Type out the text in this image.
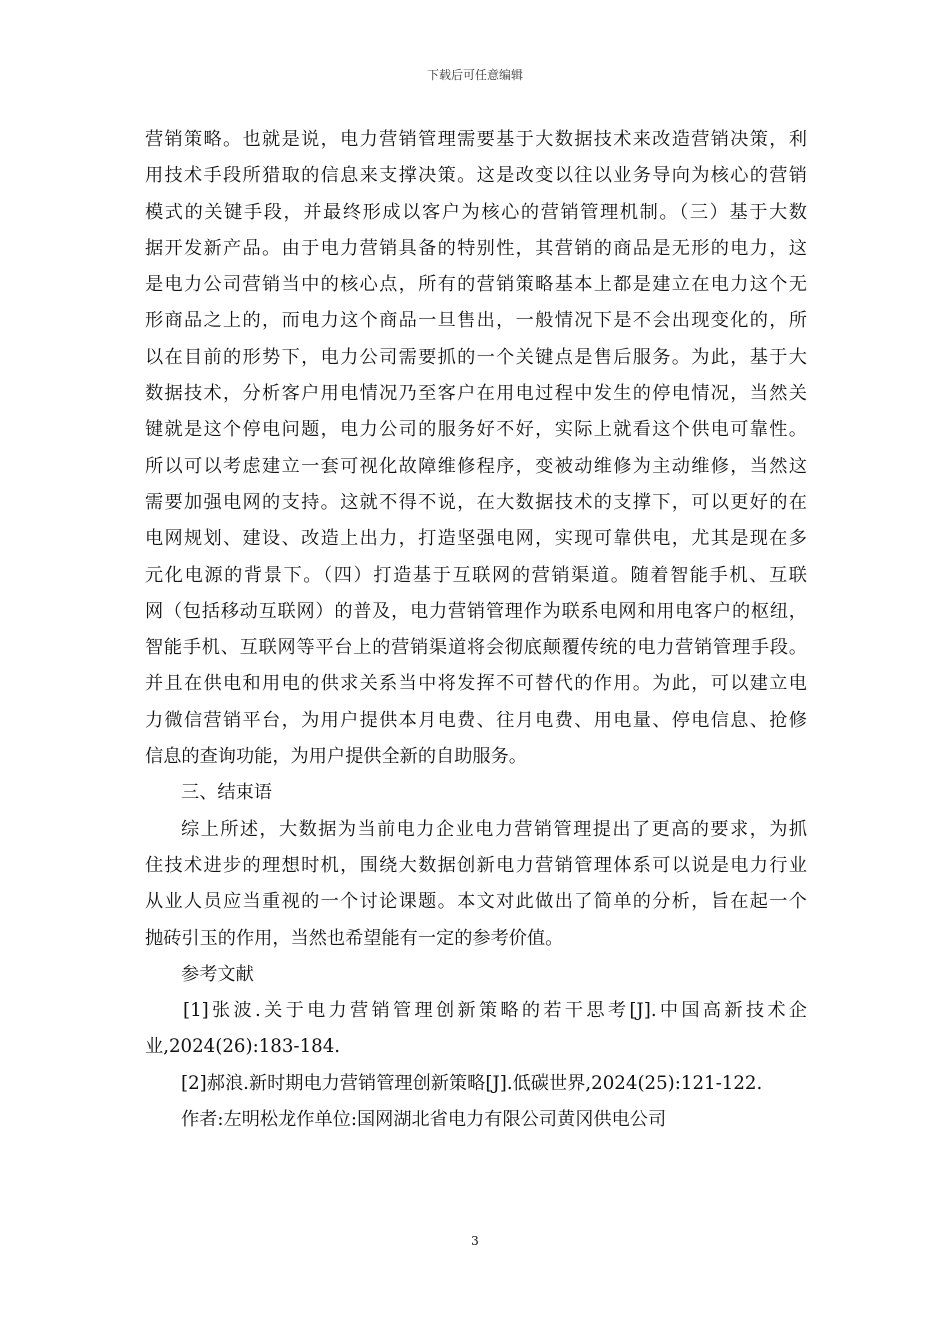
下载后可任意编辑
营销策略。也就是说，电力营销管理需要基于大数据技术来改造营销决策，利
用技术手段所猎取的信息来支撑决策。这是改变以往以业务导向为核心的营销
模式的关键手段，并最终形成以客户为核心的营销管理机制。（三）基于大数
据开发新产品。由于电力营销具备的特别性，其营销的商品是无形的电力，这
是电力公司营销当中的核心点，所有的营销策略基本上都是建立在电力这个无
形商品之上的，而电力这个商品一旦售出，一般情况下是不会出现变化的，所
以在目前的形势下，电力公司需要抓的一个关键点是售后服务。为此，基于大
数据技术，分析客户用电情况乃至客户在用电过程中发生的停电情况，当然关
键就是这个停电问题，电力公司的服务好不好，实际上就看这个供电可靠性。
所以可以考虑建立一套可视化故障维修程序，变被动维修为主动维修，当然这
需要加强电网的支持。这就不得不说，在大数据技术的支撑下，可以更好的在
电网规划、建设、改造上出力，打造坚强电网，实现可靠供电，尤其是现在多
元化电源的背景下。（四）打造基于互联网的营销渠道。随着智能手机、互联
网（包括移动互联网）的普及，电力营销管理作为联系电网和用电客户的枢纽，
智能手机、互联网等平台上的营销渠道将会彻底颠覆传统的电力营销管理手段。
并且在供电和用电的供求关系当中将发挥不可替代的作用。为此，可以建立电
力微信营销平台，为用户提供本月电费、往月电费、用电量、停电信息、抢修
信息的查询功能，为用户提供全新的自助服务。
三、结束语
综上所述，大数据为当前电力企业电力营销管理提出了更高的要求，为抓
住技术进步的理想时机，围绕大数据创新电力营销管理体系可以说是电力行业
从业人员应当重视的一个讨论课题。本文对此做出了简单的分析，旨在起一个
抛砖引玉的作用，当然也希望能有一定的参考价值。
参考文献
[1]张波.关于电力营销管理创新策略的若干思考[J].中国高新技术企
业,2024(26):183-184.
[2]郝浪.新时期电力营销管理创新策略[J].低碳世界,2024(25):121-122.
作者:左明松龙作单位:国网湖北省电力有限公司黄冈供电公司
3
